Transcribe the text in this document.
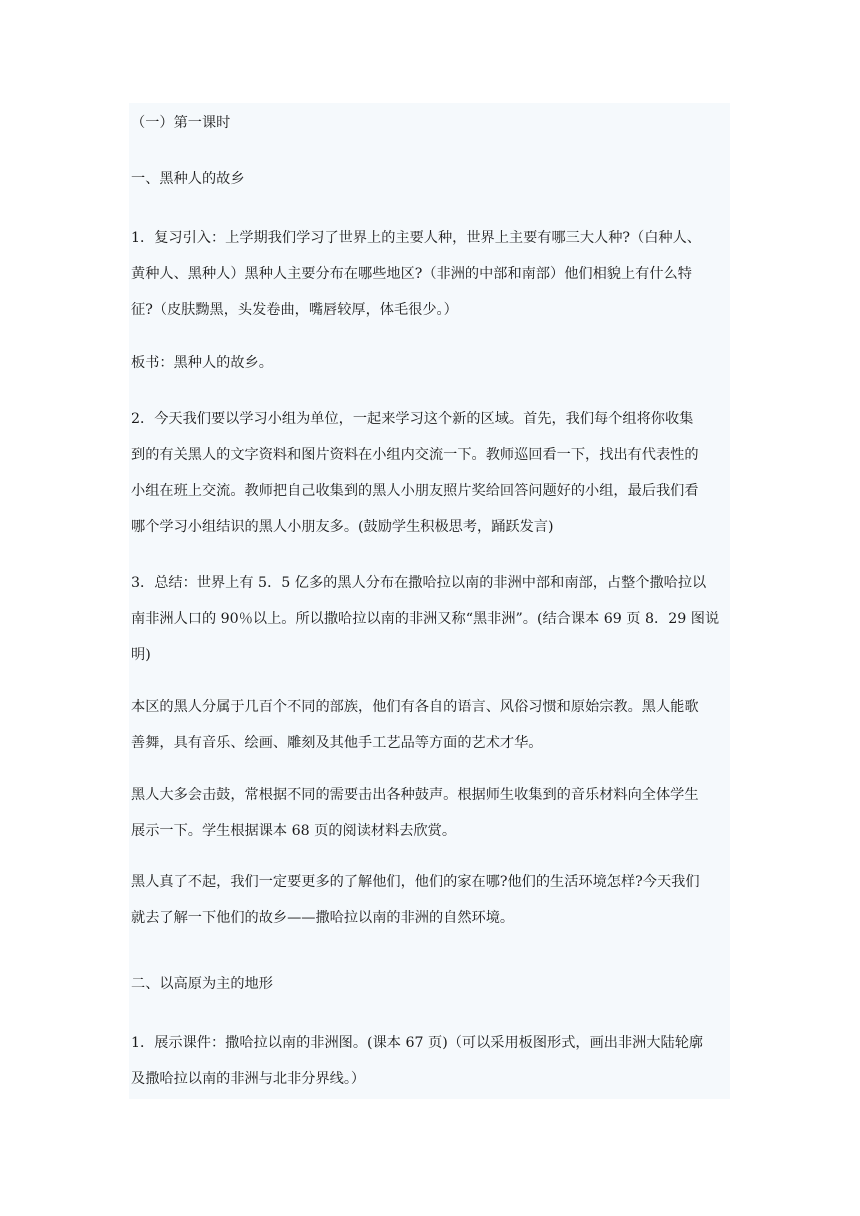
（一）第一课时

一、黑种人的故乡

1．复习引入：上学期我们学习了世界上的主要人种，世界上主要有哪三大人种?（白种人、
黄种人、黑种人）黑种人主要分布在哪些地区?（非洲的中部和南部）他们相貌上有什么特
征?（皮肤黝黑，头发卷曲，嘴唇较厚，体毛很少。）

板书：黑种人的故乡。

2．今天我们要以学习小组为单位，一起来学习这个新的区域。首先，我们每个组将你收集
到的有关黑人的文字资料和图片资料在小组内交流一下。教师巡回看一下，找出有代表性的
小组在班上交流。教师把自己收集到的黑人小朋友照片奖给回答问题好的小组，最后我们看
哪个学习小组结识的黑人小朋友多。(鼓励学生积极思考，踊跃发言)

3．总结：世界上有 5．5 亿多的黑人分布在撒哈拉以南的非洲中部和南部，占整个撒哈拉以
南非洲人口的 90％以上。所以撒哈拉以南的非洲又称“黑非洲”。(结合课本 69 页 8．29 图说
明)

本区的黑人分属于几百个不同的部族，他们有各自的语言、风俗习惯和原始宗教。黑人能歌
善舞，具有音乐、绘画、雕刻及其他手工艺品等方面的艺术才华。

黑人大多会击鼓，常根据不同的需要击出各种鼓声。根据师生收集到的音乐材料向全体学生
展示一下。学生根据课本 68 页的阅读材料去欣赏。

黑人真了不起，我们一定要更多的了解他们，他们的家在哪?他们的生活环境怎样?今天我们
就去了解一下他们的故乡——撒哈拉以南的非洲的自然环境。

二、以高原为主的地形

1．展示课件：撒哈拉以南的非洲图。(课本 67 页)（可以采用板图形式，画出非洲大陆轮廓
及撒哈拉以南的非洲与北非分界线。）
